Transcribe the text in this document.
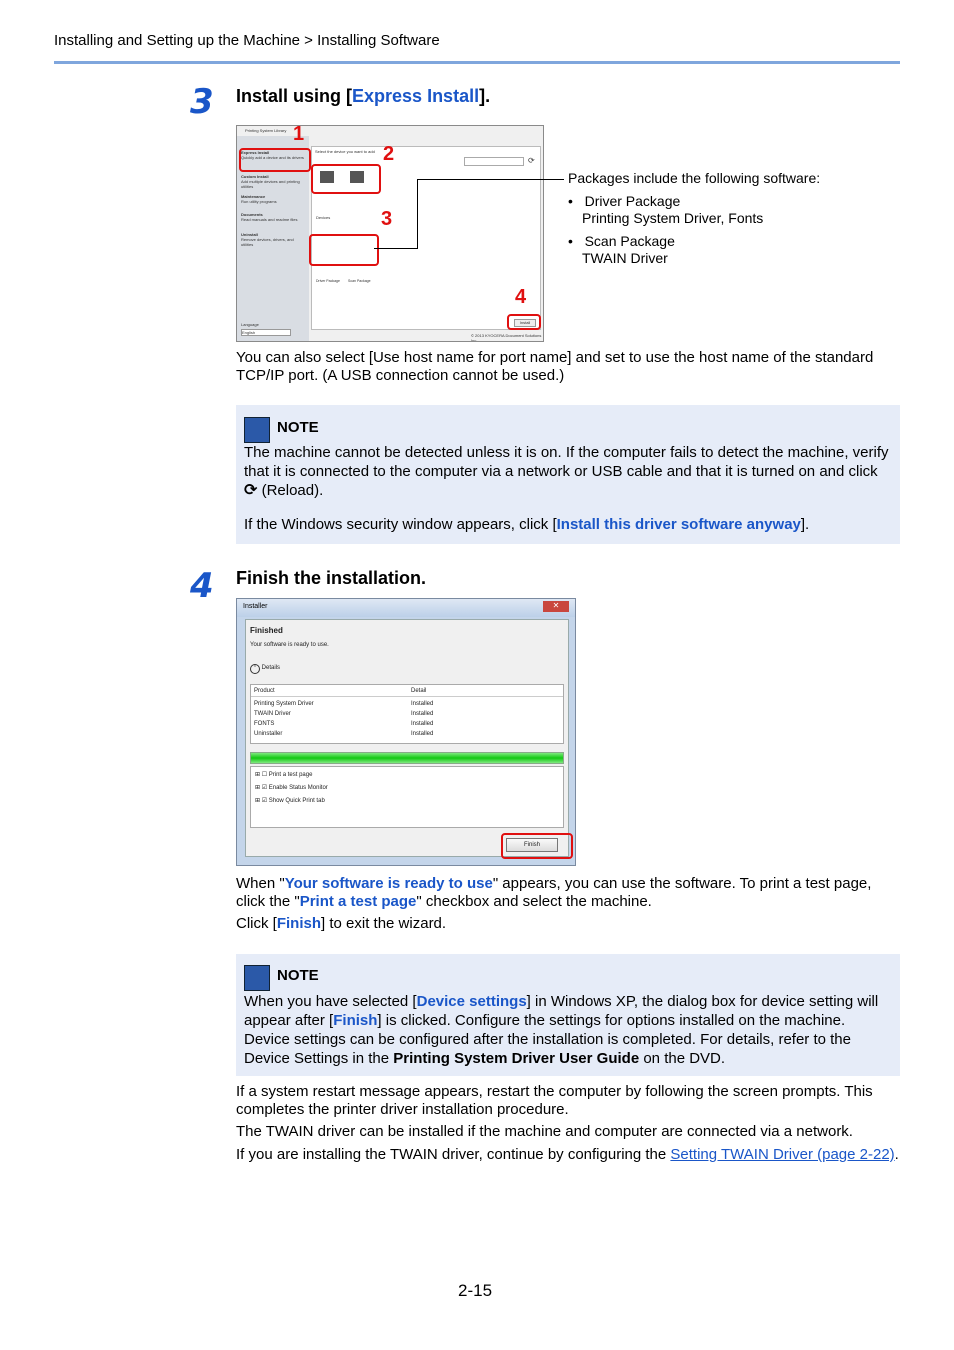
Installing and Setting up the Machine > Installing Software
3 Install using [Express Install].
Printing System Library
Express Install
Quickly add a device and its drivers
Custom Install
Add multiple devices and printing utilities
Maintenance
Run utility programs
Documents
Read manuals and readme files
Uninstall
Remove devices, drivers, and utilities
Language
English
Select the device you want to add
⟳
Devices
Driver Package Scan Package
Install
© 2013 KYOCERA Document Solutions Inc.
1
2
3
4
Packages include the following software:
•   Driver Package
Printing System Driver, Fonts
•   Scan Package
TWAIN Driver
You can also select [Use host name for port name] and set to use the host name of the standard TCP/IP port. (A USB connection cannot be used.)
NOTE
The machine cannot be detected unless it is on. If the computer fails to detect the machine, verify that it is connected to the computer via a network or USB cable and that it is turned on and click ⟳ (Reload).
If the Windows security window appears, click [Install this driver software anyway].
4 Finish the installation.
Installer	✕
Finished
Your software is ready to use.
⌃ Details
Product	Detail
Printing System Driver	Installed
TWAIN Driver	Installed
FONTS	Installed
Uninstaller	Installed
⊞ ☐ Print a test page
⊞ ☑ Enable Status Monitor
⊞ ☑ Show Quick Print tab
Finish
When "Your software is ready to use" appears, you can use the software. To print a test page, click the "Print a test page" checkbox and select the machine.
Click [Finish] to exit the wizard.
NOTE
When you have selected [Device settings] in Windows XP, the dialog box for device setting will appear after [Finish] is clicked. Configure the settings for options installed on the machine. Device settings can be configured after the installation is completed. For details, refer to the Device Settings in the Printing System Driver User Guide on the DVD.
If a system restart message appears, restart the computer by following the screen prompts. This completes the printer driver installation procedure.
The TWAIN driver can be installed if the machine and computer are connected via a network.
If you are installing the TWAIN driver, continue by configuring the Setting TWAIN Driver (page 2-22).
2-15
